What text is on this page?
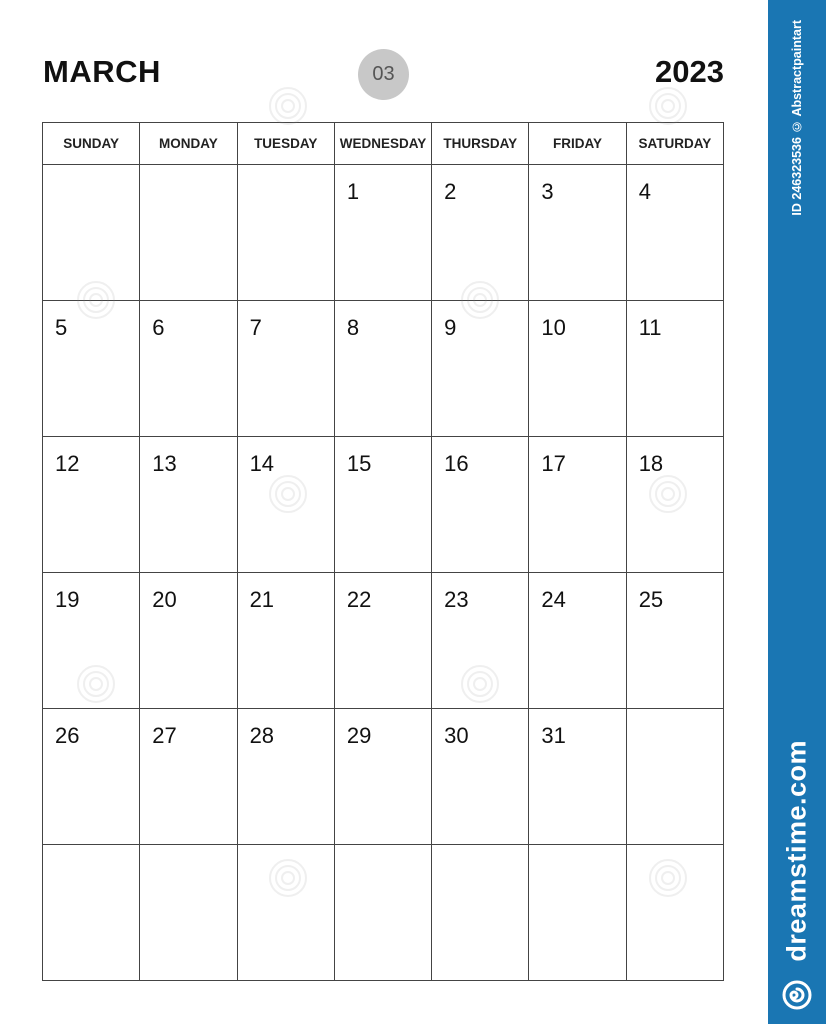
MARCH	03	2023
SUNDAY	MONDAY	TUESDAY	WEDNESDAY	THURSDAY	FRIDAY	SATURDAY

			1	2	3	4

5	6	7	8	9	10	11

12	13	14	15	16	17	18

19	20	21	22	23	24	25

26	27	28	29	30	31	

ID 246323536 © Abstractpaintart
dreamstime.com
